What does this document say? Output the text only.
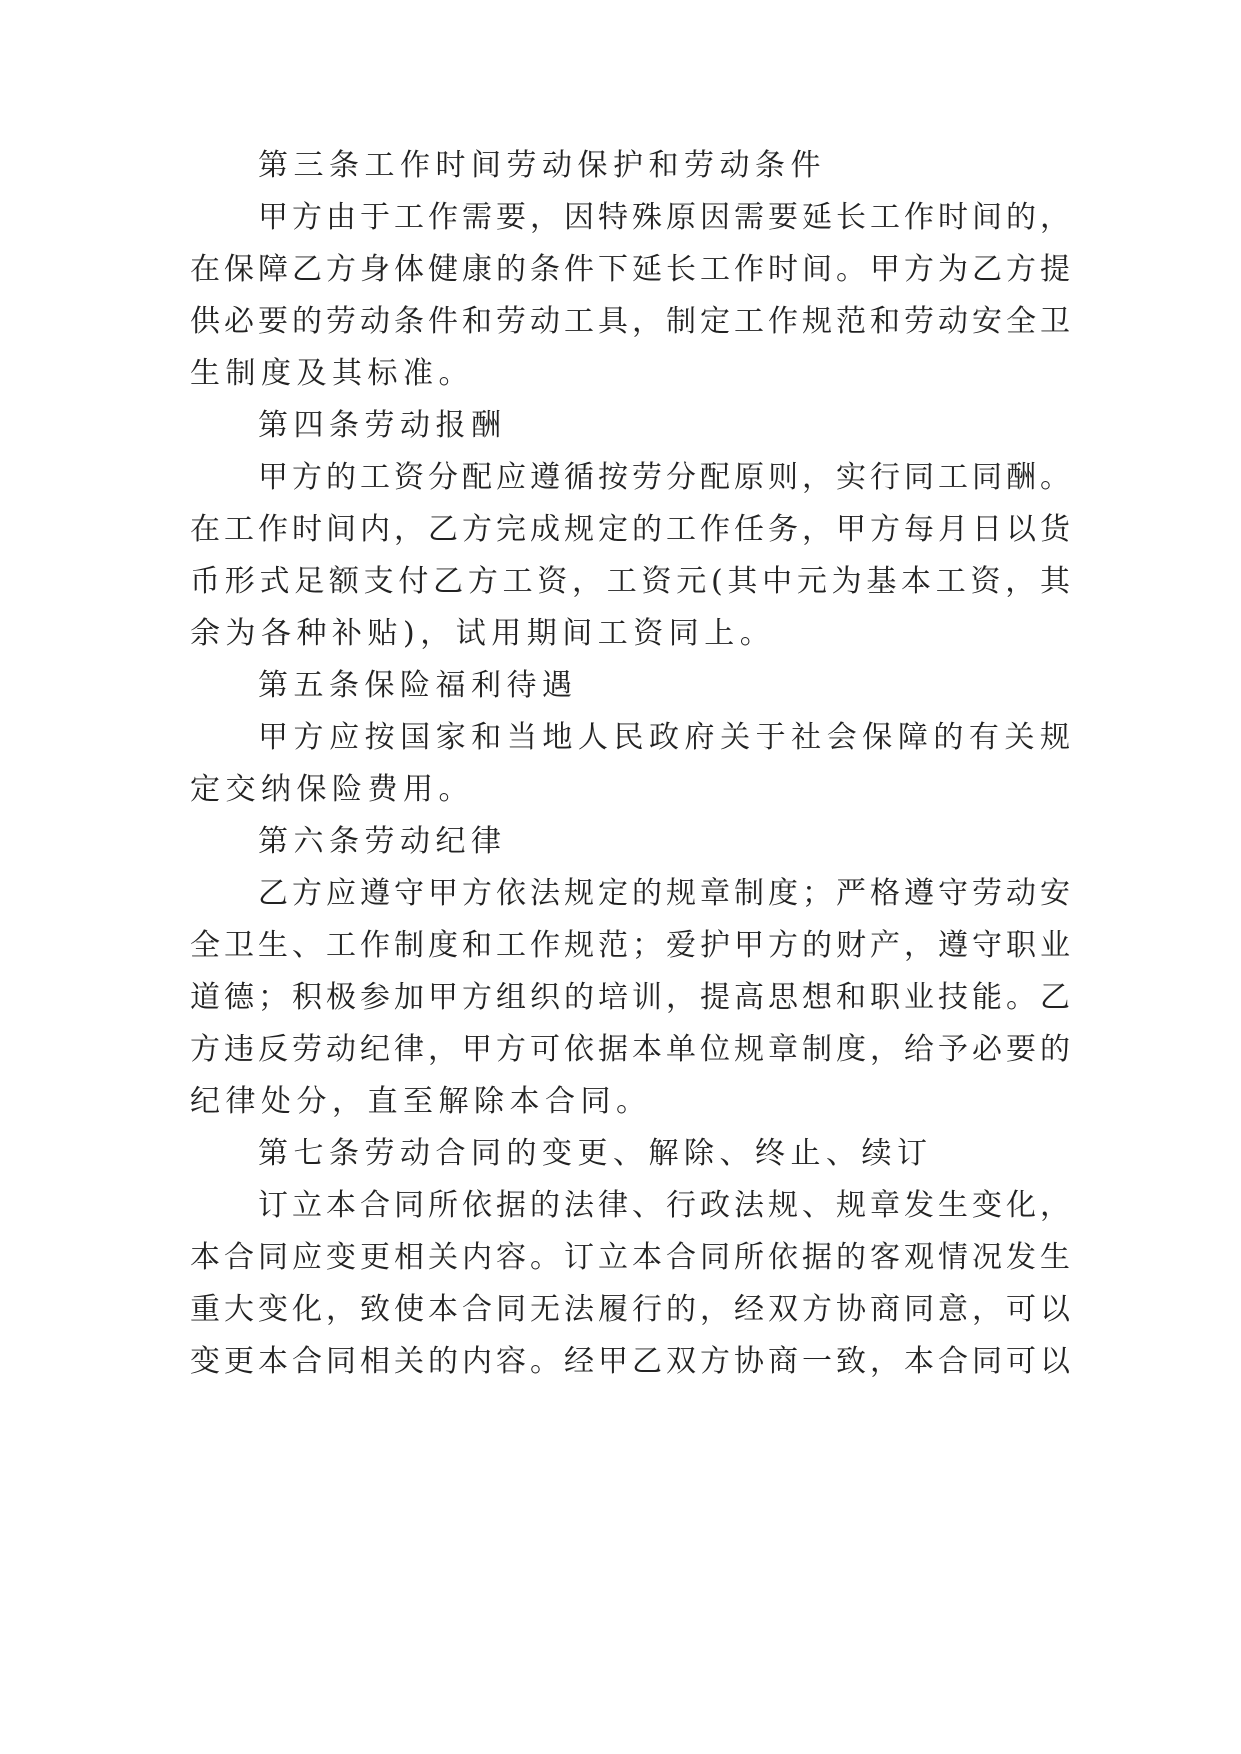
第三条工作时间劳动保护和劳动条件
甲方由于工作需要，因特殊原因需要延长工作时间的，
在保障乙方身体健康的条件下延长工作时间。甲方为乙方提
供必要的劳动条件和劳动工具，制定工作规范和劳动安全卫
生制度及其标准。
第四条劳动报酬
甲方的工资分配应遵循按劳分配原则，实行同工同酬。
在工作时间内，乙方完成规定的工作任务，甲方每月日以货
币形式足额支付乙方工资，工资元(其中元为基本工资，其
余为各种补贴)，试用期间工资同上。
第五条保险福利待遇
甲方应按国家和当地人民政府关于社会保障的有关规
定交纳保险费用。
第六条劳动纪律
乙方应遵守甲方依法规定的规章制度；严格遵守劳动安
全卫生、工作制度和工作规范；爱护甲方的财产，遵守职业
道德；积极参加甲方组织的培训，提高思想和职业技能。乙
方违反劳动纪律，甲方可依据本单位规章制度，给予必要的
纪律处分，直至解除本合同。
第七条劳动合同的变更、解除、终止、续订
订立本合同所依据的法律、行政法规、规章发生变化，
本合同应变更相关内容。订立本合同所依据的客观情况发生
重大变化，致使本合同无法履行的，经双方协商同意，可以
变更本合同相关的内容。经甲乙双方协商一致，本合同可以
